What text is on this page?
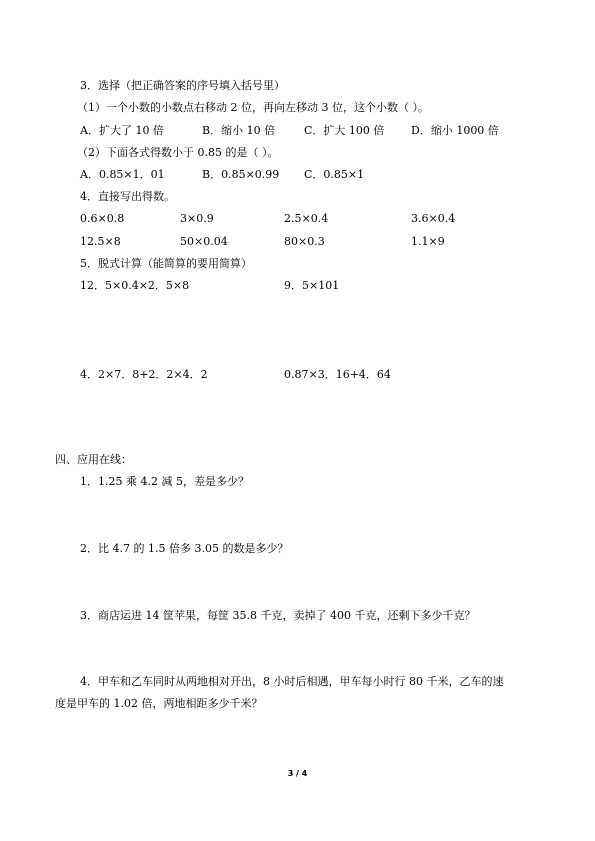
3．选择（把正确答案的序号填入括号里）
（1）一个小数的小数点右移动 2 位，再向左移动 3 位，这个小数（ ）。
A．扩大了 10 倍	B．缩小 10 倍	C．扩大 100 倍 D．缩小 1000 倍
（2）下面各式得数小于 0.85 的是（ ）。
A．0.85×1．01	B．0.85×0.99 C．0.85×1
4．直接写出得数。
0.6×0.8	3×0.9	2.5×0.4	3.6×0.4
12.5×8	50×0.04	80×0.3	1.1×9
5．脱式计算（能简算的要用简算）
12．5×0.4×2．5×8	9．5×101
4．2×7．8+2．2×4．2	0.87×3．16+4．64
四、应用在线：
1．1.25 乘 4.2 减 5，差是多少？
2．比 4.7 的 1.5 倍多 3.05 的数是多少？
3．商店运进 14 筐苹果，每筐 35.8 千克，卖掉了 400 千克，还剩下多少千克？
4．甲车和乙车同时从两地相对开出，8 小时后相遇，甲车每小时行 80 千米，乙车的速
度是甲车的 1.02 倍，两地相距多少千米？
3 / 4
